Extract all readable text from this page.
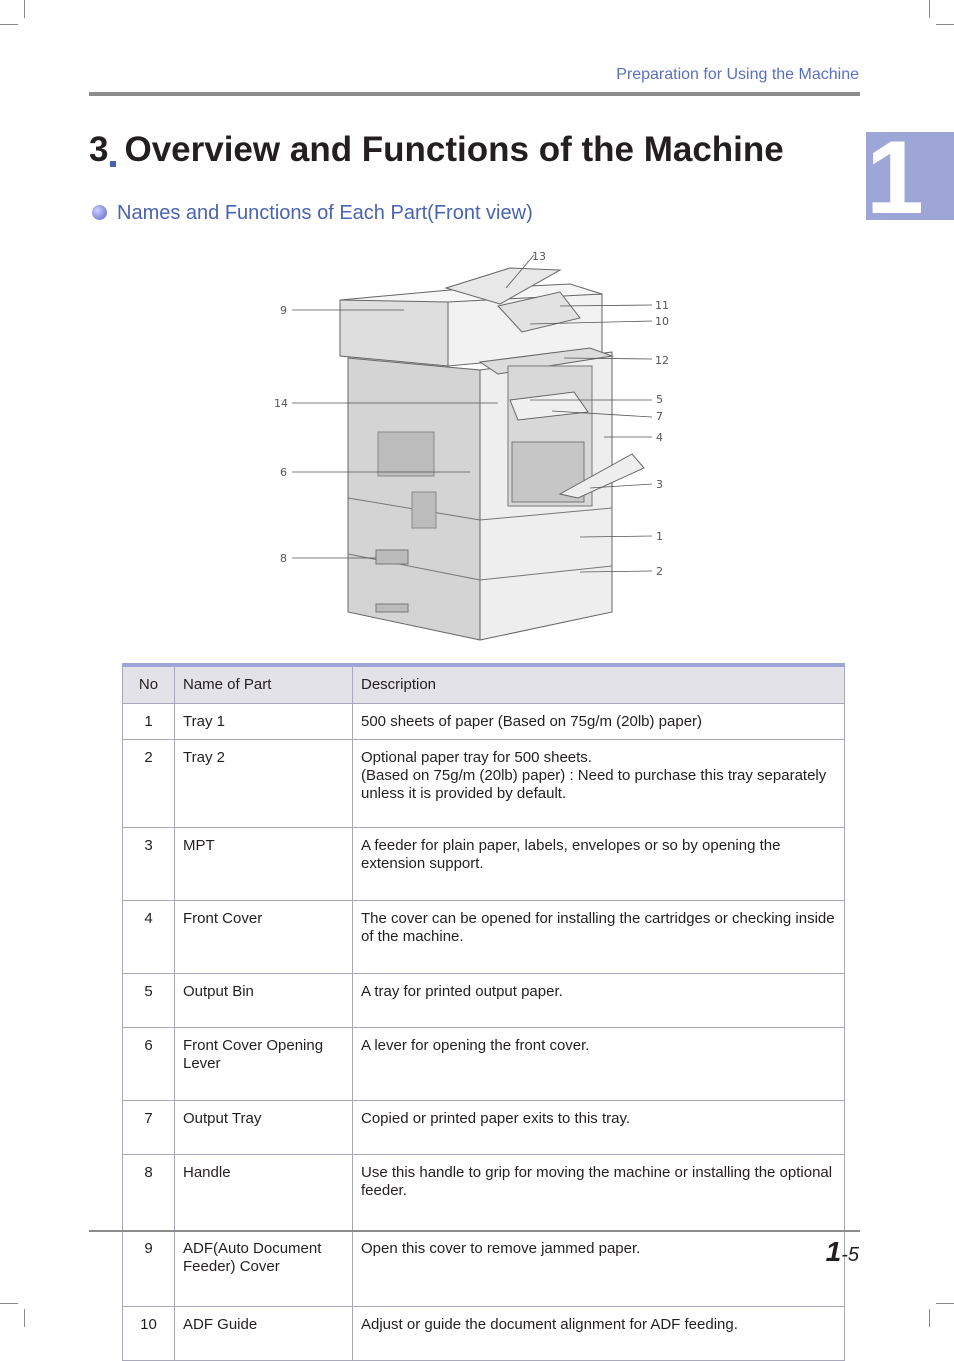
Preparation for Using the Machine
1
3 Overview and Functions of the Machine
Names and Functions of Each Part(Front view)
13
11
10
12
9
14	5
7
4
6
3
1
8
2
No	Name of Part	Description
1	Tray 1	500 sheets of paper (Based on 75g/m (20lb) paper)
2	Tray 2	Optional paper tray for 500 sheets.
(Based on 75g/m (20lb) paper) : Need to purchase this tray separately unless it is provided by default.
3	MPT	A feeder for plain paper, labels, envelopes or so by opening the extension support.
4	Front Cover	The cover can be opened for installing the cartridges or checking inside of the machine.
5	Output Bin	A tray for printed output paper.
6	Front Cover Opening Lever	A lever for opening the front cover.
7	Output Tray	Copied or printed paper exits to this tray.
8	Handle	Use this handle to grip for moving the machine or installing the optional feeder.
9	ADF(Auto Document Feeder) Cover	Open this cover to remove jammed paper.
10	ADF Guide	Adjust or guide the document alignment for ADF feeding.
1-5
